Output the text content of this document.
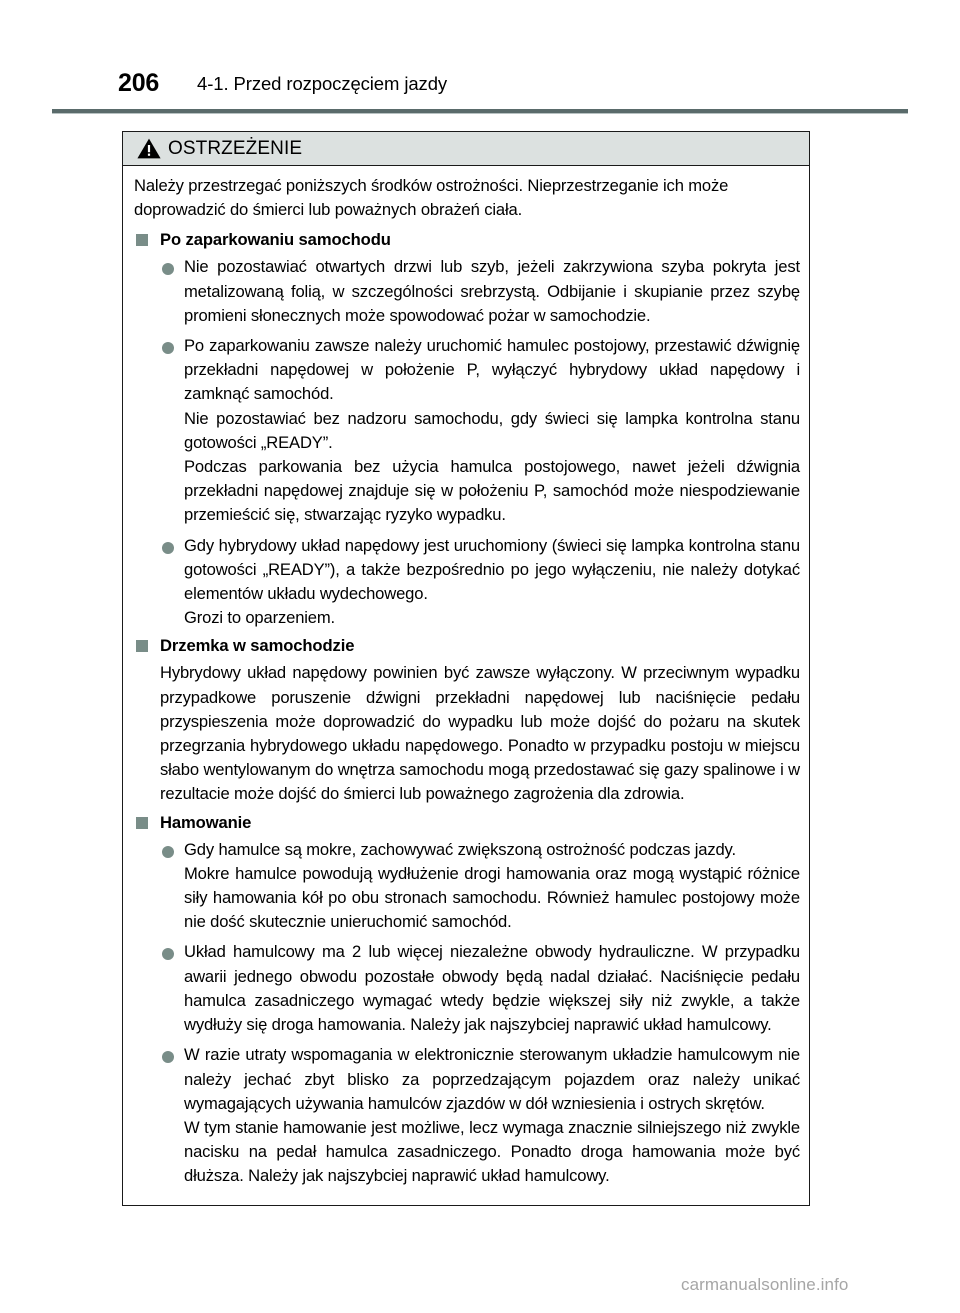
206 4-1. Przed rozpoczęciem jazdy
OSTRZEŻENIE
Należy przestrzegać poniższych środków ostrożności. Nieprzestrzeganie ich może doprowadzić do śmierci lub poważnych obrażeń ciała.
Po zaparkowaniu samochodu

Nie pozostawiać otwartych drzwi lub szyb, jeżeli zakrzywiona szyba pokryta jest metalizowaną folią, w szczególności srebrzystą. Odbijanie i skupianie przez szybę promieni słonecznych może spowodować pożar w samochodzie.

Po zaparkowaniu zawsze należy uruchomić hamulec postojowy, przestawić dźwignię przekładni napędowej w położenie P, wyłączyć hybrydowy układ napędowy i zamknąć samochód.

Nie pozostawiać bez nadzoru samochodu, gdy świeci się lampka kontrolna stanu gotowości „READY”.

Podczas parkowania bez użycia hamulca postojowego, nawet jeżeli dźwignia przekładni napędowej znajduje się w położeniu P, samochód może niespodziewanie przemieścić się, stwarzając ryzyko wypadku.

Gdy hybrydowy układ napędowy jest uruchomiony (świeci się lampka kontrolna stanu gotowości „READY”), a także bezpośrednio po jego wyłączeniu, nie należy dotykać elementów układu wydechowego.

Grozi to oparzeniem.

Drzemka w samochodzie

Hybrydowy układ napędowy powinien być zawsze wyłączony. W przeciwnym wypadku przypadkowe poruszenie dźwigni przekładni napędowej lub naciśnięcie pedału przyspieszenia może doprowadzić do wypadku lub może dojść do pożaru na skutek przegrzania hybrydowego układu napędowego. Ponadto w przypadku postoju w miejscu słabo wentylowanym do wnętrza samochodu mogą przedostawać się gazy spalinowe i w rezultacie może dojść do śmierci lub poważnego zagrożenia dla zdrowia.

Hamowanie

Gdy hamulce są mokre, zachowywać zwiększoną ostrożność podczas jazdy.

Mokre hamulce powodują wydłużenie drogi hamowania oraz mogą wystąpić różnice siły hamowania kół po obu stronach samochodu. Również hamulec postojowy może nie dość skutecznie unieruchomić samochód.

Układ hamulcowy ma 2 lub więcej niezależne obwody hydrauliczne. W przypadku awarii jednego obwodu pozostałe obwody będą nadal działać. Naciśnięcie pedału hamulca zasadniczego wymagać wtedy będzie większej siły niż zwykle, a także wydłuży się droga hamowania. Należy jak najszybciej naprawić układ hamulcowy.

W razie utraty wspomagania w elektronicznie sterowanym układzie hamulcowym nie należy jechać zbyt blisko za poprzedzającym pojazdem oraz należy unikać wymagających używania hamulców zjazdów w dół wzniesienia i ostrych skrętów.

W tym stanie hamowanie jest możliwe, lecz wymaga znacznie silniejszego niż zwykle nacisku na pedał hamulca zasadniczego. Ponadto droga hamowania może być dłuższa. Należy jak najszybciej naprawić układ hamulcowy.

carmanualsonline.info
